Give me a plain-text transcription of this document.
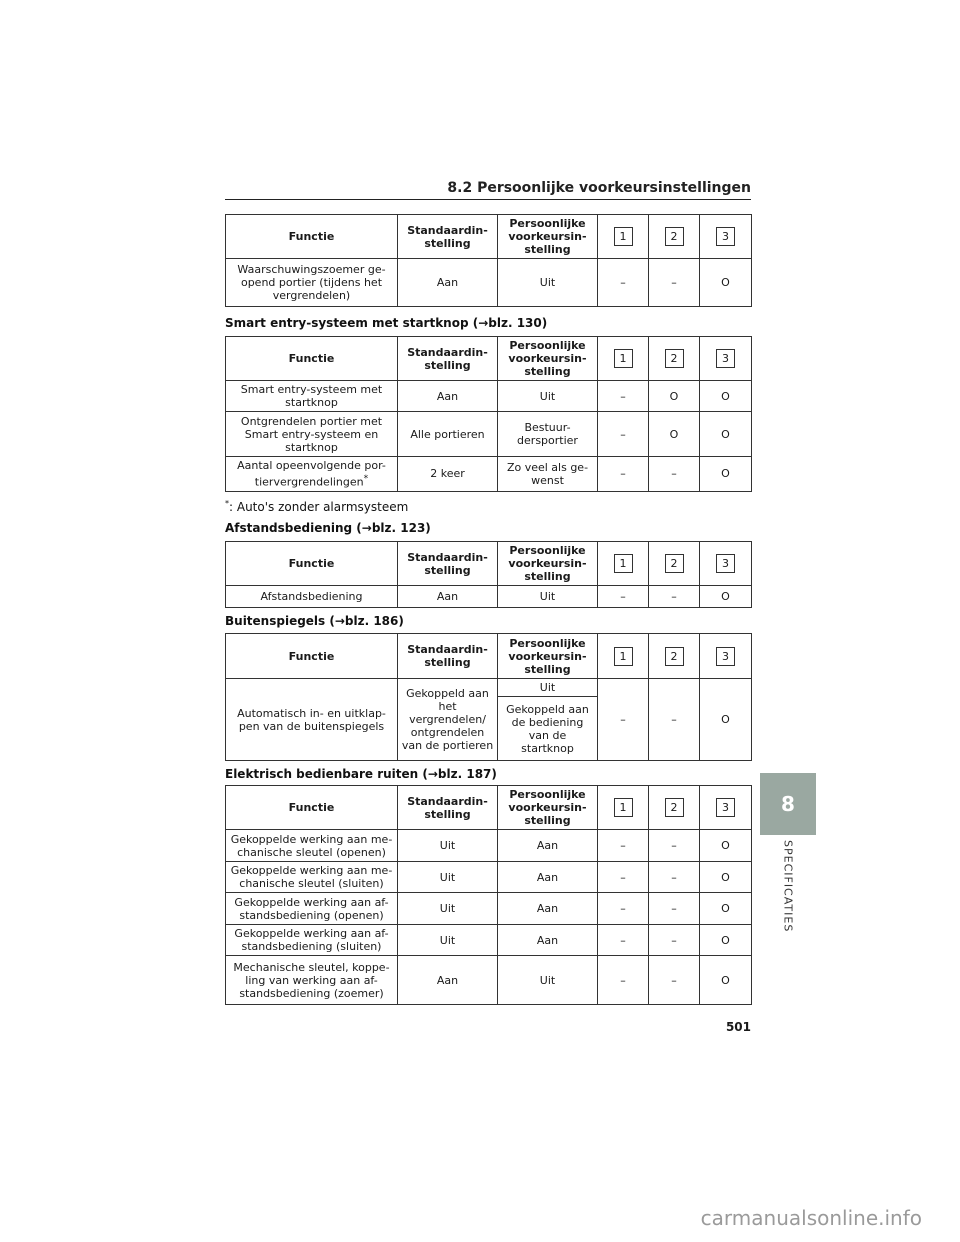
8.2 Persoonlijke voorkeursinstellingen
Functie	Standaardin-stelling	Persoonlijke voorkeursin-stelling	1	2	3
Waarschuwingszoemer ge-opend portier (tijdens het vergrendelen)	Aan	Uit	–	–	O
Smart entry-systeem met startknop (→blz. 130)
Functie	Standaardin-stelling	Persoonlijke voorkeursin-stelling	1	2	3
Smart entry-systeem met startknop	Aan	Uit	–	O	O
Ontgrendelen portier met Smart entry-systeem en startknop	Alle portieren	Bestuur-dersportier	–	O	O
Aantal opeenvolgende por-tiervergrendelingen*	2 keer	Zo veel als ge-wenst	–	–	O
*: Auto's zonder alarmsysteem
Afstandsbediening (→blz. 123)
Functie	Standaardin-stelling	Persoonlijke voorkeursin-stelling	1	2	3
Afstandsbediening	Aan	Uit	–	–	O
Buitenspiegels (→blz. 186)
Functie	Standaardin-stelling	Persoonlijke voorkeursin-stelling	1	2	3
Automatisch in- en uitklap-pen van de buitenspiegels	Gekoppeld aan het vergrendelen/ ontgrendelen van de portieren	Uit	–	–	O
		Gekoppeld aan de bediening van de startknop			
Elektrisch bedienbare ruiten (→blz. 187)
Functie	Standaardin-stelling	Persoonlijke voorkeursin-stelling	1	2	3
Gekoppelde werking aan me-chanische sleutel (openen)	Uit	Aan	–	–	O
Gekoppelde werking aan me-chanische sleutel (sluiten)	Uit	Aan	–	–	O
Gekoppelde werking aan af-standsbediening (openen)	Uit	Aan	–	–	O
Gekoppelde werking aan af-standsbediening (sluiten)	Uit	Aan	–	–	O
Mechanische sleutel, koppe-ling van werking aan af-standsbediening (zoemer)	Aan	Uit	–	–	O
8
SPECIFICATIES
501
carmanualsonline.info
